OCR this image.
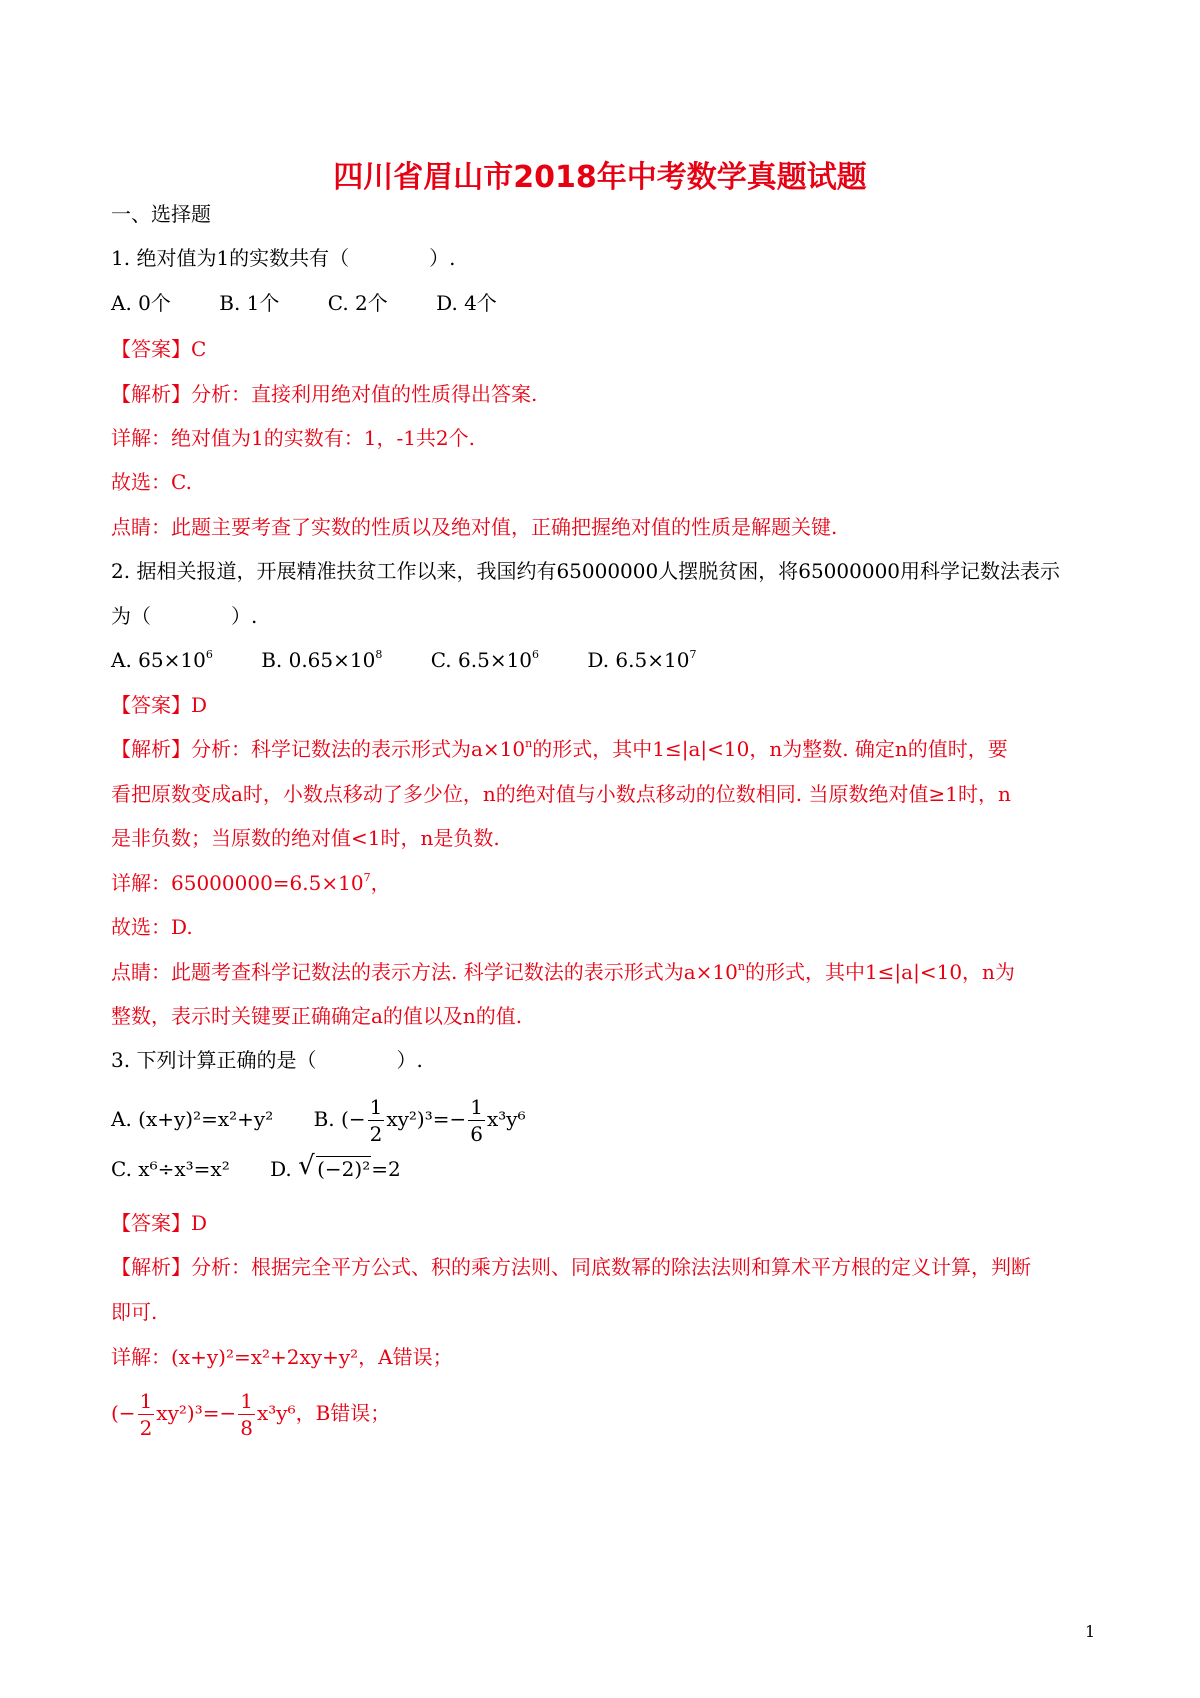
四川省眉山市2018年中考数学真题试题
一、选择题
1. 绝对值为1的实数共有（　　　　）.
A. 0个 B. 1个 C. 2个 D. 4个
【答案】C
【解析】分析：直接利用绝对值的性质得出答案.
详解：绝对值为1的实数有：1，-1共2个.
故选：C.
点睛：此题主要考查了实数的性质以及绝对值，正确把握绝对值的性质是解题关键.
2. 据相关报道，开展精准扶贫工作以来，我国约有65000000人摆脱贫困，将65000000用科学记数法表示
为（　　　　）.
A. $65\times 10^6$ B. $0.65\times 10^8$ C. $6.5\times 10^6$ D. $6.5\times 10^7$
【答案】D
【解析】分析：科学记数法的表示形式为$a\times 10^n$的形式，其中1≤|a|<10，n为整数. 确定n的值时，要
看把原数变成a时，小数点移动了多少位，n的绝对值与小数点移动的位数相同. 当原数绝对值≥1时，n
是非负数；当原数的绝对值<1时，n是负数.
详解：$65000000=6.5\times 10^7$，
故选：D.
点睛：此题考查科学记数法的表示方法. 科学记数法的表示形式为$a\times 10^n$的形式，其中1≤|a|<10，n为
整数，表示时关键要正确确定a的值以及n的值.
3. 下列计算正确的是（　　　　）.
A. (x+y)²=x²+y² B. (− $\frac{1}{2} xy^2)^3=- \frac{1}{6} x^3y^6$
C. x⁶÷x³=x² D. √ (−2)²=2
【答案】D
【解析】分析：根据完全平方公式、积的乘方法则、同底数幂的除法法则和算术平方根的定义计算，判断
即可.
详解：(x+y)²=x²+2xy+y²，A错误；
(− $\frac{1}{2} xy^2)^3=- \frac{1}{8} x^3y^6$，B错误；
1
